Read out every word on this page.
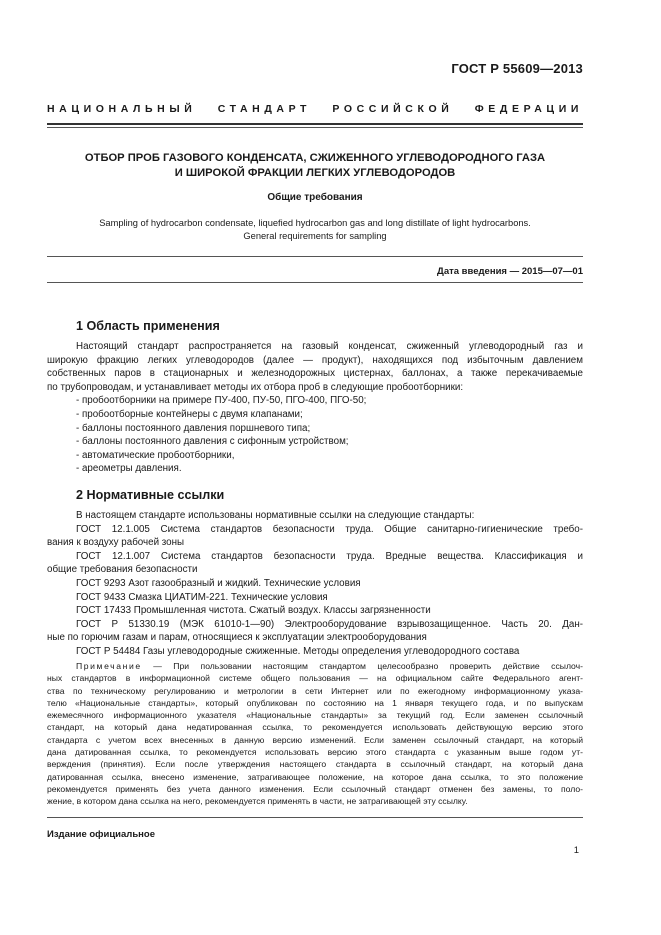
ГОСТ Р 55609—2013
НАЦИОНАЛЬНЫЙ СТАНДАРТ РОССИЙСКОЙ ФЕДЕРАЦИИ
ОТБОР ПРОБ ГАЗОВОГО КОНДЕНСАТА, СЖИЖЕННОГО УГЛЕВОДОРОДНОГО ГАЗА
И ШИРОКОЙ ФРАКЦИИ ЛЕГКИХ УГЛЕВОДОРОДОВ
Общие требования
Sampling of hydrocarbon condensate, liquefied hydrocarbon gas and long distillate of light hydrocarbons.
General requirements for sampling
Дата введения — 2015—07—01
1 Область применения
Настоящий стандарт распространяется на газовый конденсат, сжиженный углеводородный газ и
широкую фракцию легких углеводородов (далее — продукт), находящихся под избыточным давлением
собственных паров в стационарных и железнодорожных цистернах, баллонах, а также перекачиваемые
по трубопроводам, и устанавливает методы их отбора проб в следующие пробоотборники:
- пробоотборники на примере ПУ-400, ПУ-50, ПГО-400, ПГО-50;
- пробоотборные контейнеры с двумя клапанами;
- баллоны постоянного давления поршневого типа;
- баллоны постоянного давления с сифонным устройством;
- автоматические пробоотборники,
- ареометры давления.
2 Нормативные ссылки
В настоящем стандарте использованы нормативные ссылки на следующие стандарты:
ГОСТ 12.1.005 Система стандартов безопасности труда. Общие санитарно-гигиенические требо-
вания к воздуху рабочей зоны
ГОСТ 12.1.007 Система стандартов безопасности труда. Вредные вещества. Классификация и
общие требования безопасности
ГОСТ 9293 Азот газообразный и жидкий. Технические условия
ГОСТ 9433 Смазка ЦИАТИМ-221. Технические условия
ГОСТ 17433 Промышленная чистота. Сжатый воздух. Классы загрязненности
ГОСТ Р 51330.19 (МЭК 61010-1—90) Электрооборудование взрывозащищенное. Часть 20. Дан-
ные по горючим газам и парам, относящиеся к эксплуатации электрооборудования
ГОСТ Р 54484 Газы углеводородные сжиженные. Методы определения углеводородного состава
Примечание — При пользовании настоящим стандартом целесообразно проверить действие ссылоч-
ных стандартов в информационной системе общего пользования — на официальном сайте Федерального агент-
ства по техническому регулированию и метрологии в сети Интернет или по ежегодному информационному указа-
телю «Национальные стандарты», который опубликован по состоянию на 1 января текущего года, и по выпускам
ежемесячного информационного указателя «Национальные стандарты» за текущий год. Если заменен ссылочный
стандарт, на который дана недатированная ссылка, то рекомендуется использовать действующую версию этого
стандарта с учетом всех внесенных в данную версию изменений. Если заменен ссылочный стандарт, на который
дана датированная ссылка, то рекомендуется использовать версию этого стандарта с указанным выше годом ут-
верждения (принятия). Если после утверждения настоящего стандарта в ссылочный стандарт, на который дана
датированная ссылка, внесено изменение, затрагивающее положение, на которое дана ссылка, то это положение
рекомендуется применять без учета данного изменения. Если ссылочный стандарт отменен без замены, то поло-
жение, в котором дана ссылка на него, рекомендуется применять в части, не затрагивающей эту ссылку.
Издание официальное
1
